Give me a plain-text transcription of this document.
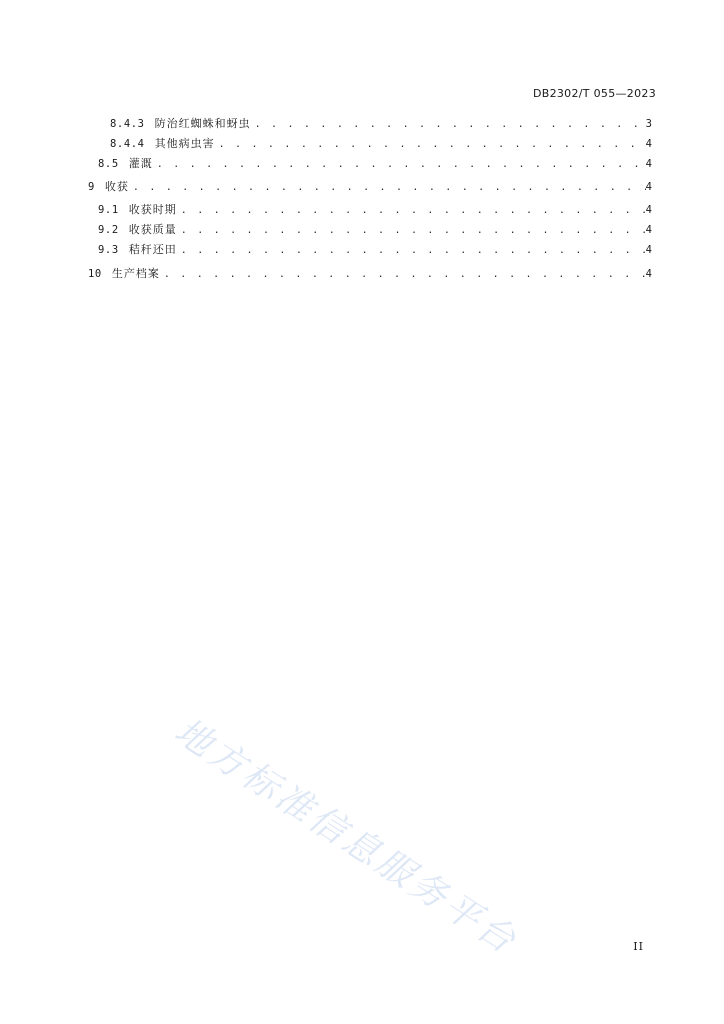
DB2302/T 055—2023
8.4.3 防治红蜘蛛和蚜虫 . . .	3
8.4.4 其他病虫害 . . .	4
8.5 灌溉 . . .	4
9 收获 . . .	4
9.1 收获时期 . . .	4
9.2 收获质量 . . .	4
9.3 秸秆还田 . . .	4
10 生产档案 . . .	4
地方标准信息服务平台	II
